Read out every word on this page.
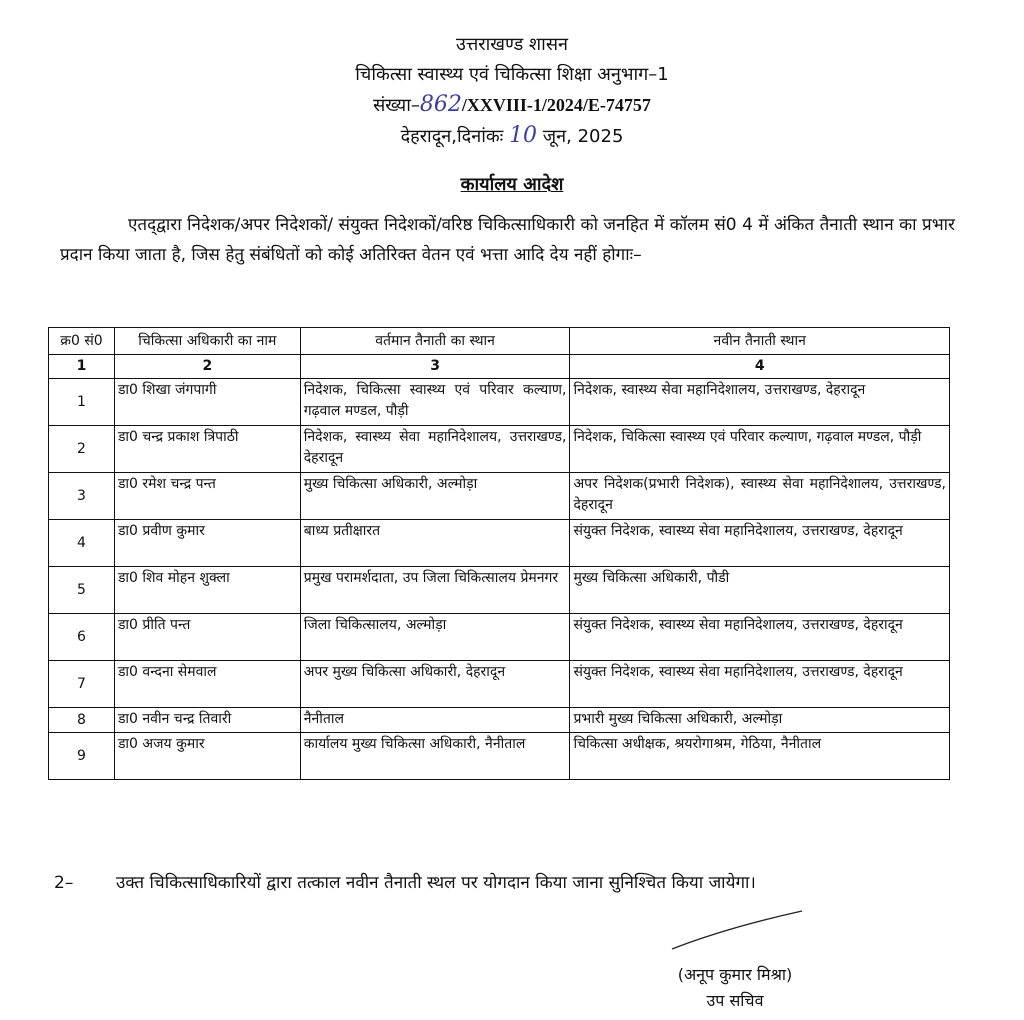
उत्तराखण्ड शासन
चिकित्सा स्वास्थ्य एवं चिकित्सा शिक्षा अनुभाग–1
संख्या–862/XXVIII-1/2024/E-74757
देहरादून,दिनांकः 10 जून, 2025
कार्यालय आदेश
एतद्‌द्वारा निदेशक/अपर निदेशकों/ संयुक्त निदेशकों/वरिष्ठ चिकित्साधिकारी को जनहित में कॉलम सं0 4 में अंकित तैनाती स्थान का प्रभार प्रदान किया जाता है, जिस हेतु संबंधितों को कोई अतिरिक्त वेतन एवं भत्ता आदि देय नहीं होगाः–
क्र0 सं0	चिकित्सा अधिकारी का नाम	वर्तमान तैनाती का स्थान	नवीन तैनाती स्थान
1	2	3	4
1	डा0 शिखा जंगपागी	निदेशक, चिकित्सा स्वास्थ्य एवं परिवार कल्याण, गढ़वाल मण्डल, पौड़ी	निदेशक, स्वास्थ्य सेवा महानिदेशालय, उत्तराखण्ड, देहरादून
2	डा0 चन्द्र प्रकाश त्रिपाठी	निदेशक, स्वास्थ्य सेवा महानिदेशालय, उत्तराखण्ड, देहरादून	निदेशक, चिकित्सा स्वास्थ्य एवं परिवार कल्याण, गढ़वाल मण्डल, पौड़ी
3	डा0 रमेश चन्द्र पन्त	मुख्य चिकित्सा अधिकारी, अल्मोड़ा	अपर निदेशक(प्रभारी निदेशक), स्वास्थ्य सेवा महानिदेशालय, उत्तराखण्ड, देहरादून
4	डा0 प्रवीण कुमार	बाध्य प्रतीक्षारत	संयुक्त निदेशक, स्वास्थ्य सेवा महानिदेशालय, उत्तराखण्ड, देहरादून
5	डा0 शिव मोहन शुक्ला	प्रमुख परामर्शदाता, उप जिला चिकित्सालय प्रेमनगर	मुख्य चिकित्सा अधिकारी, पौडी
6	डा0 प्रीति पन्त	जिला चिकित्सालय, अल्मोड़ा	संयुक्त निदेशक, स्वास्थ्य सेवा महानिदेशालय, उत्तराखण्ड, देहरादून
7	डा0 वन्दना सेमवाल	अपर मुख्य चिकित्सा अधिकारी, देहरादून	संयुक्त निदेशक, स्वास्थ्य सेवा महानिदेशालय, उत्तराखण्ड, देहरादून
8	डा0 नवीन चन्द्र तिवारी	नैनीताल	प्रभारी मुख्य चिकित्सा अधिकारी, अल्मोड़ा
9	डा0 अजय कुमार	कार्यालय मुख्य चिकित्सा अधिकारी, नैनीताल	चिकित्सा अधीक्षक, श्रयरोगाश्रम, गेठिया, नैनीताल
2–	उक्त चिकित्साधिकारियों द्वारा तत्काल नवीन तैनाती स्थल पर योगदान किया जाना सुनिश्चित किया जायेगा।
(अनूप कुमार मिश्रा)
उप सचिव
